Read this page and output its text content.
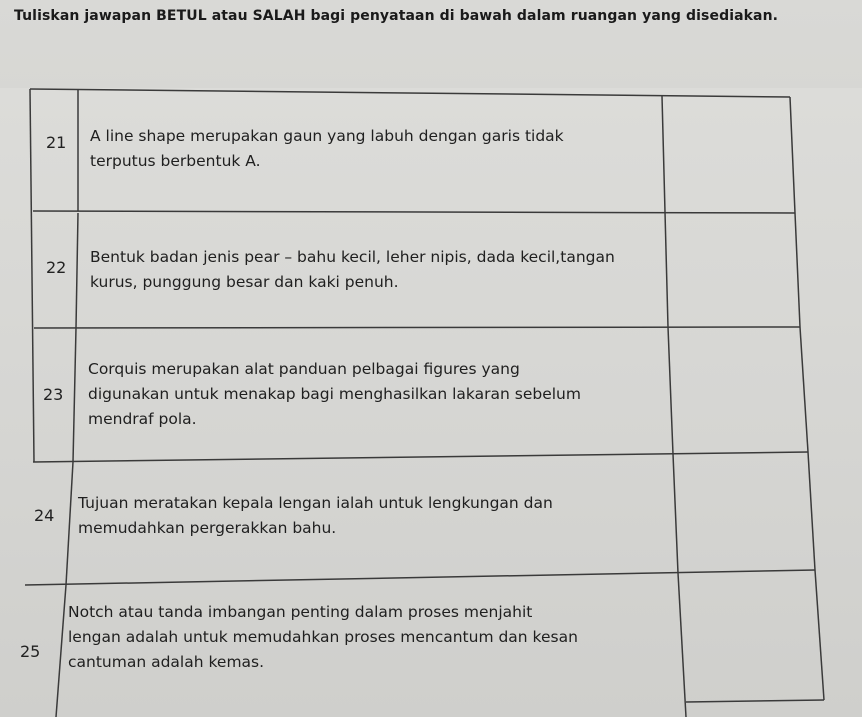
Tuliskan jawapan BETUL atau SALAH bagi penyataan di bawah dalam ruangan yang disediakan.
21 A line shape merupakan gaun yang labuh dengan garis tidak
terputus berbentuk A.
22
Bentuk badan jenis pear – bahu kecil, leher nipis, dada kecil,tangan
kurus, punggung besar dan kaki penuh.
23
Corquis merupakan alat panduan pelbagai figures yang
digunakan untuk menakap bagi menghasilkan lakaran sebelum
mendraf pola.
24
Tujuan meratakan kepala lengan ialah untuk lengkungan dan
memudahkan pergerakkan bahu.
25
Notch atau tanda imbangan penting dalam proses menjahit
lengan adalah untuk memudahkan proses mencantum dan kesan
cantuman adalah kemas.
